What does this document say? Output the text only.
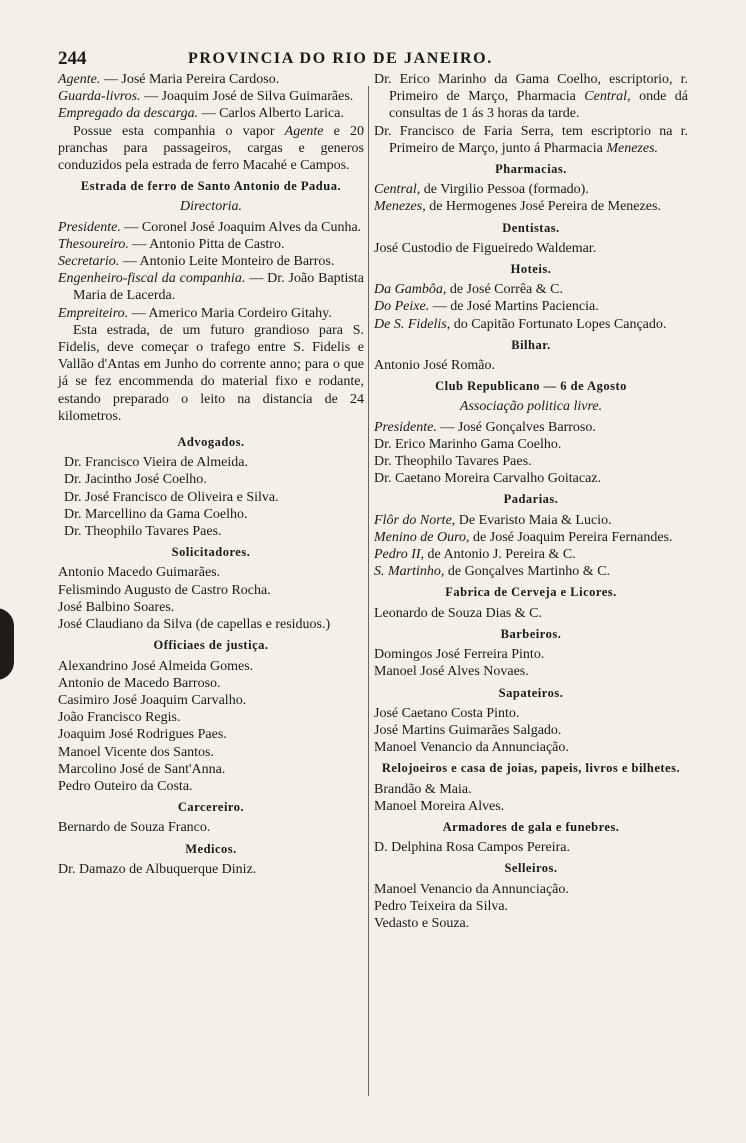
244	PROVINCIA DO RIO DE JANEIRO.

Agente. — José Maria Pereira Cardoso.

Guarda-livros. — Joaquim José de Silva Guimarães.

Empregado da descarga. — Carlos Alberto Larica.

Possue esta companhia o vapor Agente e 20 pranchas para passageiros, cargas e generos conduzidos pela estrada de ferro Macahé e Campos.

Estrada de ferro de Santo Antonio de Padua.

Directoria.

Presidente. — Coronel José Joaquim Alves da Cunha.

Thesoureiro. — Antonio Pitta de Castro.

Secretario. — Antonio Leite Monteiro de Barros.

Engenheiro-fiscal da companhia. — Dr. João Baptista Maria de Lacerda.

Empreiteiro. — Americo Maria Cordeiro Gitahy.

Esta estrada, de um futuro grandioso para S. Fidelis, deve começar o trafego entre S. Fidelis e Vallão d'Antas em Junho do corrente anno; para o que já se fez encommenda do material fixo e rodante, estando preparado o leito na distancia de 24 kilometros.

Advogados.

Dr. Francisco Vieira de Almeida.

Dr. Jacintho José Coelho.

Dr. José Francisco de Oliveira e Silva.

Dr. Marcellino da Gama Coelho.

Dr. Theophilo Tavares Paes.

Solicitadores.

Antonio Macedo Guimarães.

Felismindo Augusto de Castro Rocha.

José Balbino Soares.

José Claudiano da Silva (de capellas e residuos.)

Officiaes de justiça.

Alexandrino José Almeida Gomes.

Antonio de Macedo Barroso.

Casimiro José Joaquim Carvalho.

João Francisco Regis.

Joaquim José Rodrigues Paes.

Manoel Vicente dos Santos.

Marcolino José de Sant'Anna.

Pedro Outeiro da Costa.

Carcereiro.

Bernardo de Souza Franco.

Medicos.

Dr. Damazo de Albuquerque Diniz.

Dr. Erico Marinho da Gama Coelho, escriptorio, r. Primeiro de Março, Pharmacia Central, onde dá consultas de 1 ás 3 horas da tarde.

Dr. Francisco de Faria Serra, tem escriptorio na r. Primeiro de Março, junto á Pharmacia Menezes.

Pharmacias.

Central, de Virgilio Pessoa (formado).

Menezes, de Hermogenes José Pereira de Menezes.

Dentistas.

José Custodio de Figueiredo Waldemar.

Hoteis.

Da Gambôa, de José Corrêa & C.

Do Peixe. — de José Martins Paciencia.

De S. Fidelis, do Capitão Fortunato Lopes Cançado.

Bilhar.

Antonio José Romão.

Club Republicano — 6 de Agosto

Associação politica livre.

Presidente. — José Gonçalves Barroso.

Dr. Erico Marinho Gama Coelho.

Dr. Theophilo Tavares Paes.

Dr. Caetano Moreira Carvalho Goitacaz.

Padarias.

Flôr do Norte, De Evaristo Maia & Lucio.

Menino de Ouro, de José Joaquim Pereira Fernandes.

Pedro II, de Antonio J. Pereira & C.

S. Martinho, de Gonçalves Martinho & C.

Fabrica de Cerveja e Licores.

Leonardo de Souza Dias & C.

Barbeiros.

Domingos José Ferreira Pinto.

Manoel José Alves Novaes.

Sapateiros.

José Caetano Costa Pinto.

José Martins Guimarães Salgado.

Manoel Venancio da Annunciação.

Relojoeiros e casa de joias, papeis, livros e bilhetes.

Brandão & Maia.

Manoel Moreira Alves.

Armadores de gala e funebres.

D. Delphina Rosa Campos Pereira.

Selleiros.

Manoel Venancio da Annunciação.

Pedro Teixeira da Silva.

Vedasto e Souza.
